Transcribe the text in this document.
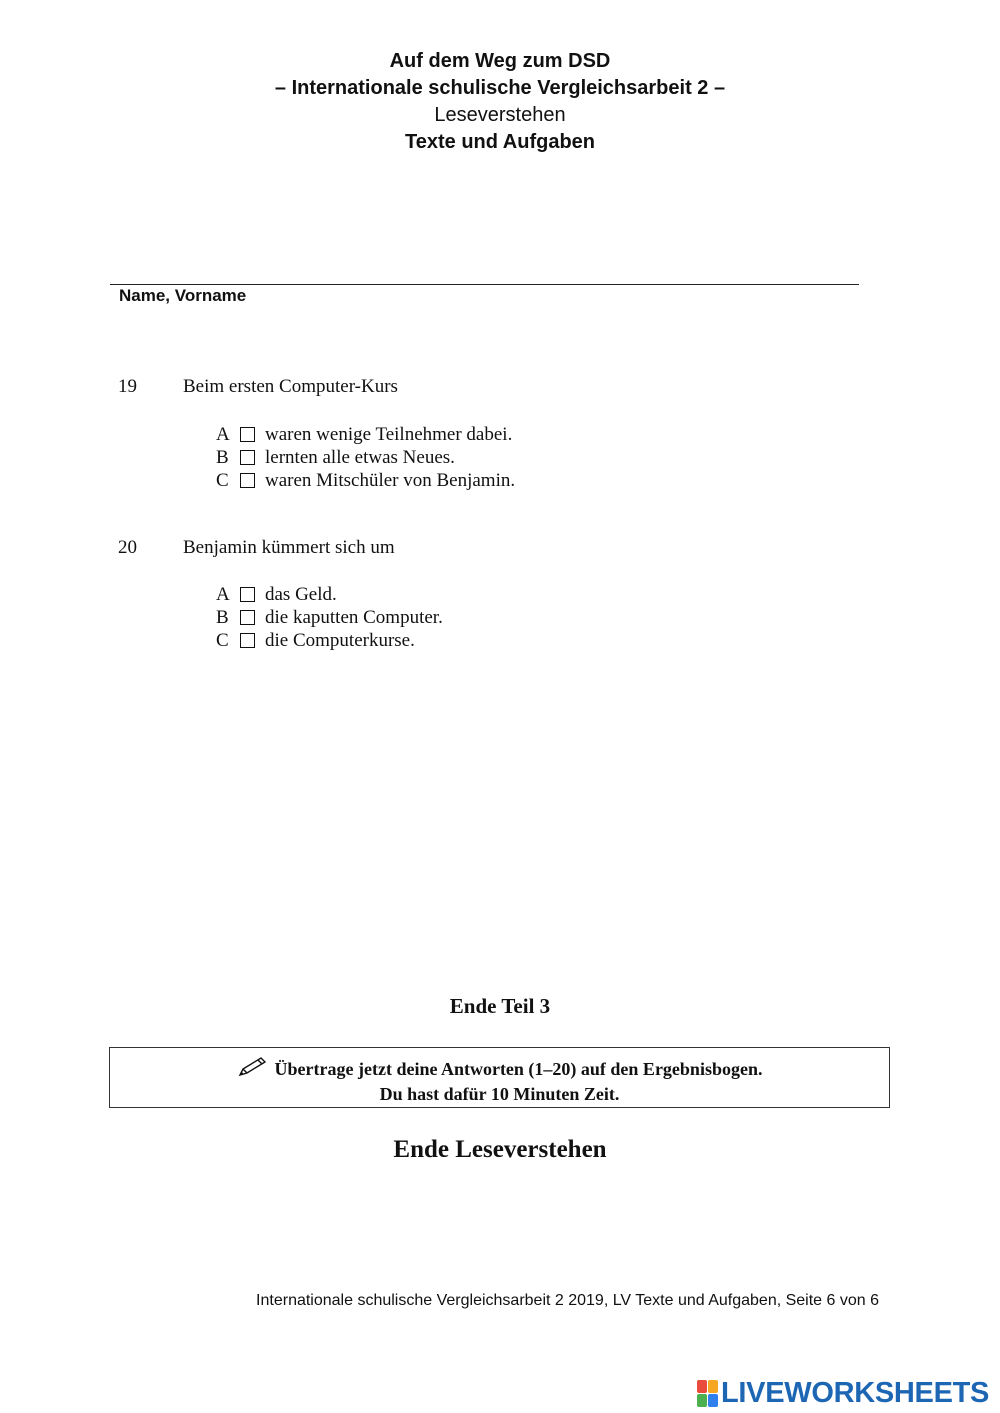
Auf dem Weg zum DSD
– Internationale schulische Vergleichsarbeit 2 –
Leseverstehen
Texte und Aufgaben
Name, Vorname
19 Beim ersten Computer-Kurs
A	waren wenige Teilnehmer dabei.
B	lernten alle etwas Neues.
C	waren Mitschüler von Benjamin.
20 Benjamin kümmert sich um
A	das Geld.
B	die kaputten Computer.
C	die Computerkurse.
Ende Teil 3
Übertrage jetzt deine Antworten (1–20) auf den Ergebnisbogen.
Du hast dafür 10 Minuten Zeit.
Ende Leseverstehen
Internationale schulische Vergleichsarbeit 2 2019, LV Texte und Aufgaben, Seite 6 von 6
LIVEWORKSHEETS
